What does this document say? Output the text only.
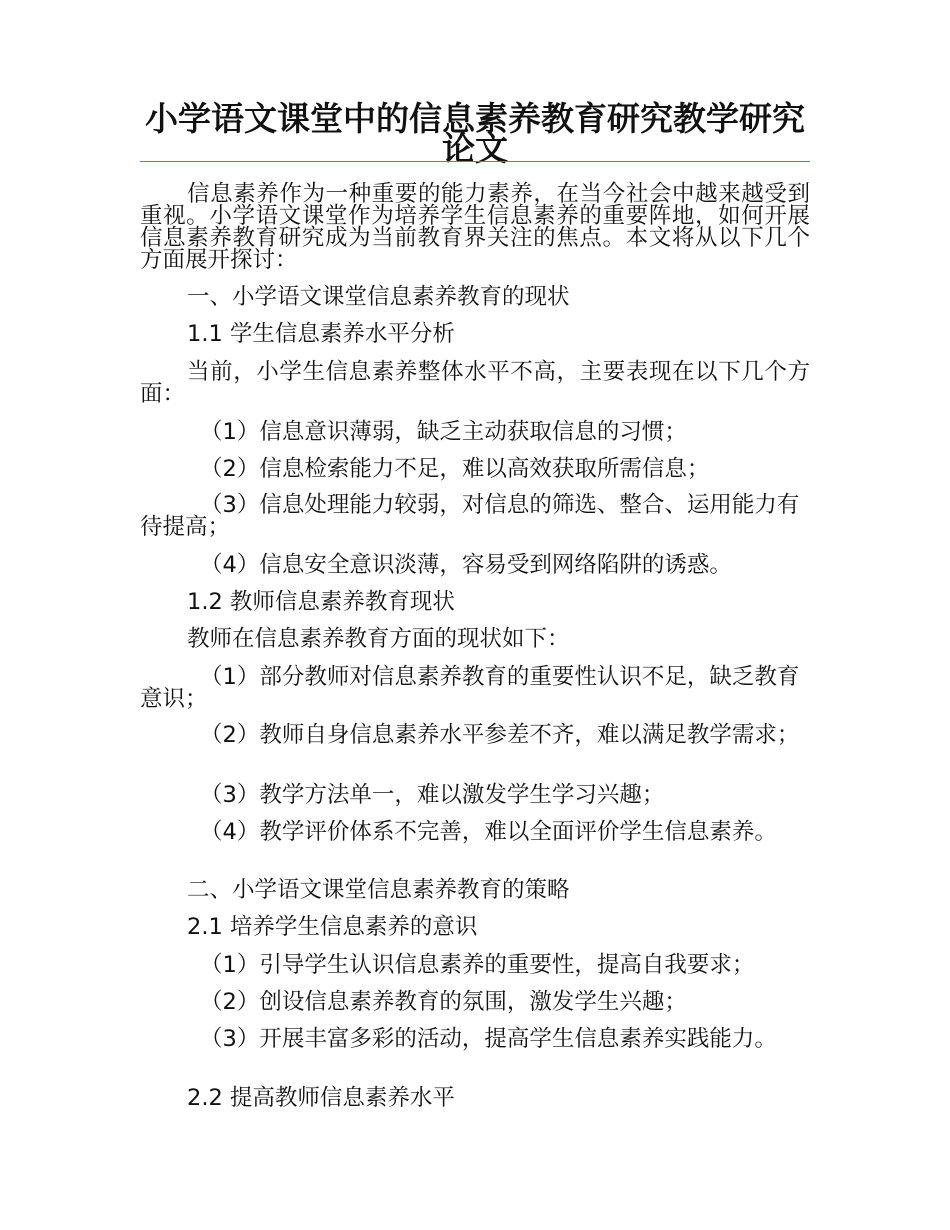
小学语文课堂中的信息素养教育研究教学研究论文

信息素养作为一种重要的能力素养，在当今社会中越来越受到重视。小学语文课堂作为培养学生信息素养的重要阵地，如何开展信息素养教育研究成为当前教育界关注的焦点。本文将从以下几个方面展开探讨：

一、小学语文课堂信息素养教育的现状

1.1 学生信息素养水平分析

当前，小学生信息素养整体水平不高，主要表现在以下几个方面：

（1）信息意识薄弱，缺乏主动获取信息的习惯；

（2）信息检索能力不足，难以高效获取所需信息；

（3）信息处理能力较弱，对信息的筛选、整合、运用能力有待提高；

（4）信息安全意识淡薄，容易受到网络陷阱的诱惑。

1.2 教师信息素养教育现状

教师在信息素养教育方面的现状如下：

（1）部分教师对信息素养教育的重要性认识不足，缺乏教育意识；

（2）教师自身信息素养水平参差不齐，难以满足教学需求；

（3）教学方法单一，难以激发学生学习兴趣；

（4）教学评价体系不完善，难以全面评价学生信息素养。

二、小学语文课堂信息素养教育的策略

2.1 培养学生信息素养的意识

（1）引导学生认识信息素养的重要性，提高自我要求；

（2）创设信息素养教育的氛围，激发学生兴趣；

（3）开展丰富多彩的活动，提高学生信息素养实践能力。

2.2 提高教师信息素养水平
